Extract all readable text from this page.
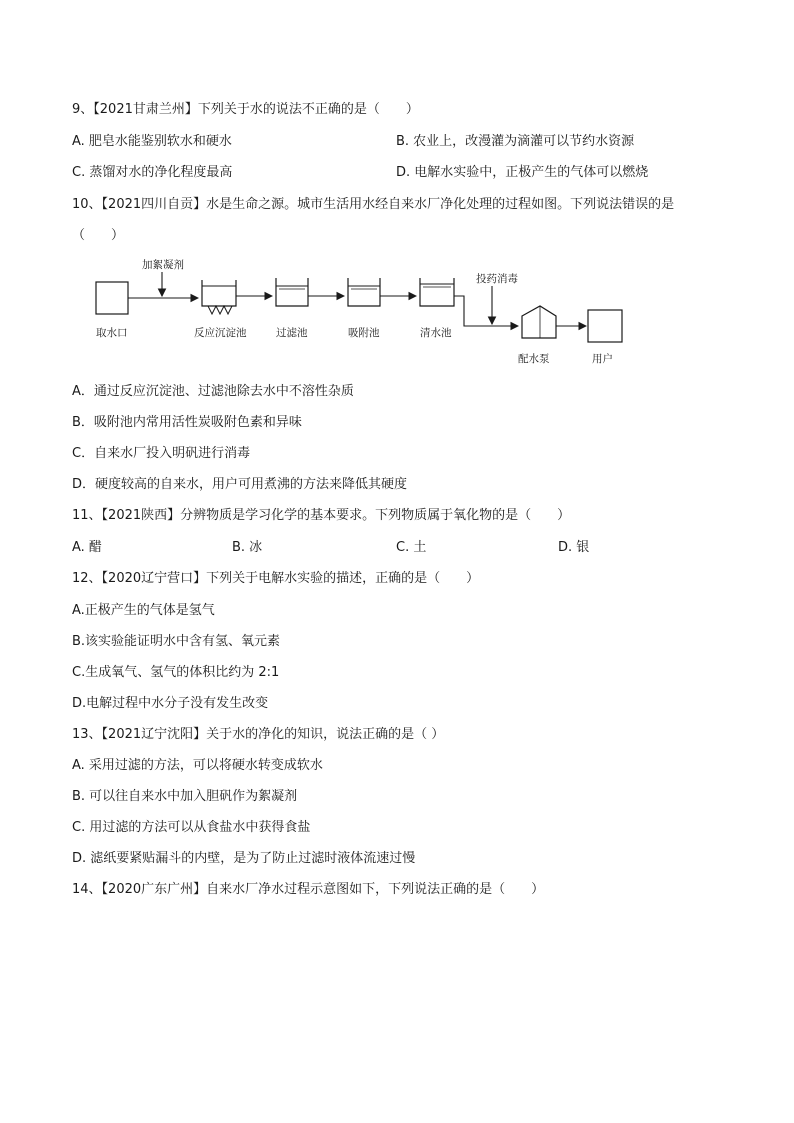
9、【2021甘肃兰州】下列关于水的说法不正确的是（　　）
A. 肥皂水能鉴别软水和硬水	B. 农业上，改漫灌为滴灌可以节约水资源
C. 蒸馏对水的净化程度最高	D. 电解水实验中，正极产生的气体可以燃烧
10、【2021四川自贡】水是生命之源。城市生活用水经自来水厂净化处理的过程如图。下列说法错误的是
（　　）
取水口
加絮凝剂
反应沉淀池	过滤池	吸附池	清水池
投药消毒
配水泵	用户
A．通过反应沉淀池、过滤池除去水中不溶性杂质
B．吸附池内常用活性炭吸附色素和异味
C．自来水厂投入明矾进行消毒
D．硬度较高的自来水，用户可用煮沸的方法来降低其硬度
11、【2021陕西】分辨物质是学习化学的基本要求。下列物质属于氧化物的是（　　）
A. 醋	B. 冰	C. 土	D. 银
12、【2020辽宁营口】下列关于电解水实验的描述，正确的是（　　）
A.正极产生的气体是氢气
B.该实验能证明水中含有氢、氧元素
C.生成氧气、氢气的体积比约为 2:1
D.电解过程中水分子没有发生改变
13、【2021辽宁沈阳】关于水的净化的知识，说法正确的是（ ）
A. 采用过滤的方法，可以将硬水转变成软水
B. 可以往自来水中加入胆矾作为絮凝剂
C. 用过滤的方法可以从食盐水中获得食盐
D. 滤纸要紧贴漏斗的内壁，是为了防止过滤时液体流速过慢
14、【2020广东广州】自来水厂净水过程示意图如下，下列说法正确的是（　　）
